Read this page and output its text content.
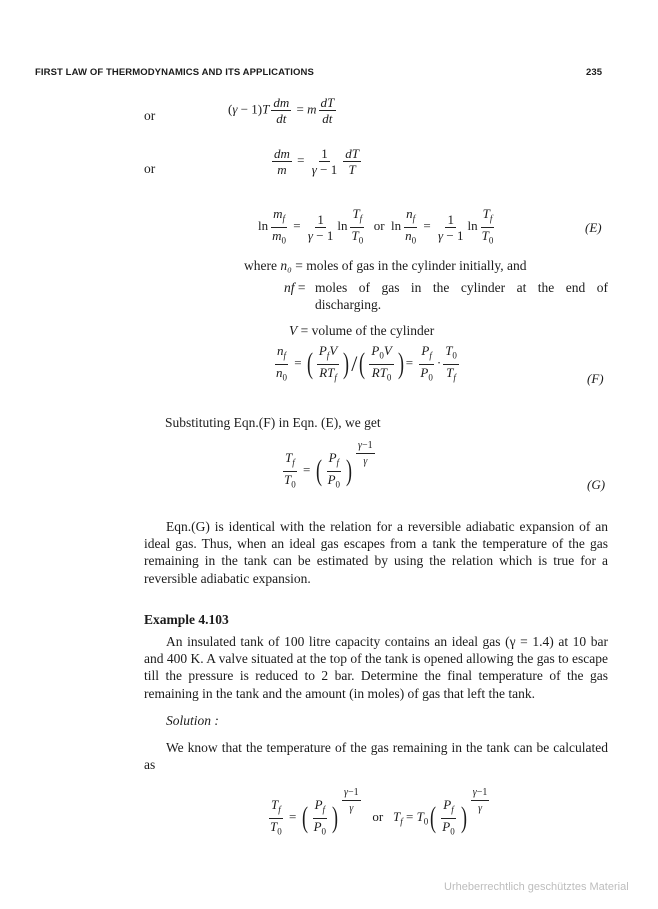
FIRST LAW OF THERMODYNAMICS AND ITS APPLICATIONS	235
or	$(\gamma - 1)T \frac{dm}{dt} = m \frac{dT}{dt}$
or	$\frac{dm}{m} = \frac{1}{\gamma - 1} \frac{dT}{T}$
$\ln \frac{m_f}{m_0} = \frac{1}{\gamma - 1}$ $\ln \frac{T_f}{T_0}$ or  $\ln \frac{n_f}{n_0} = \frac{1}{\gamma - 1}$ $\ln \frac{T_f}{T_0}$	(E)
where n₀ = moles of gas in the cylinder initially, and
nf = moles of gas in the cylinder at the end of discharging.
V = volume of the cylinder
$\frac{n_f}{n_0}$ = ( $\frac{P_fV}{RT_f}$ )/( $\frac{P_0V}{RT_0}$ ) = $\frac{P_f}{P_0} \cdot \frac{T_0}{T_f}$	(F)
Substituting Eqn.(F) in Eqn. (E), we get
$\frac{T_f}{T_0}$ = ( $\frac{P_f}{P_0}$ )
$\frac{\gamma-1}{\gamma}$
(G)
Eqn.(G) is identical with the relation for a reversible adiabatic expansion of an ideal gas. Thus, when an ideal gas escapes from a tank the temperature of the gas remaining in the tank can be estimated by using the relation which is true for a reversible adiabatic expansion.
Example 4.103
An insulated tank of 100 litre capacity contains an ideal gas (γ = 1.4) at 10 bar and 400 K. A valve situated at the top of the tank is opened allowing the gas to escape till the pressure is reduced to 2 bar. Determine the final temperature of the gas remaining in the tank and the amount (in moles) of gas that left the tank.
Solution :
We know that the temperature of the gas remaining in the tank can be calculated as
$\frac{T_f}{T_0}$ = ( $\frac{P_f}{P_0}$ )
$\frac{\gamma-1}{\gamma}$
or $T_f = T_0( \frac{P_f}{P_0}$ )
$\frac{\gamma-1}{\gamma}$
Urheberrechtlich geschütztes Material
